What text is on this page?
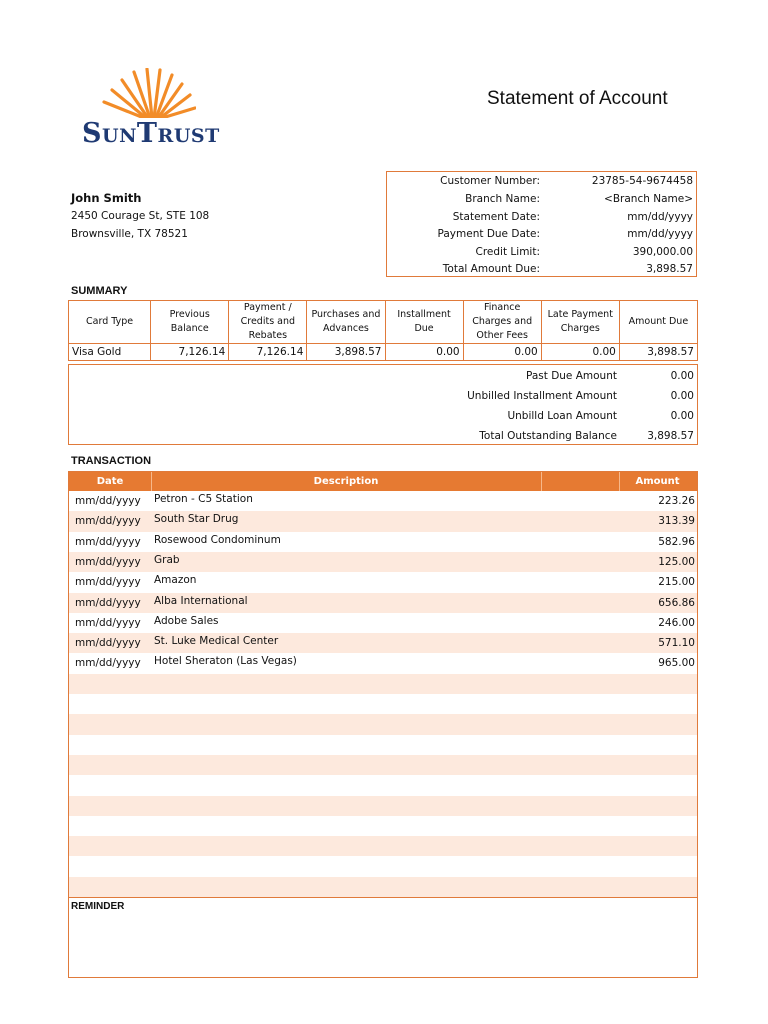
SunTrust
Statement of Account
John Smith
2450 Courage St, STE 108
Brownsville, TX 78521
Customer Number:	23785-54-9674458
Branch Name:	<Branch Name>
Statement Date:	mm/dd/yyyy
Payment Due Date:	mm/dd/yyyy
Credit Limit:	390,000.00
Total Amount Due:	3,898.57
SUMMARY
Card Type	Previous Balance	Payment / Credits and Rebates	Purchases and Advances	Installment Due	Finance Charges and Other Fees	Late Payment Charges	Amount Due
Visa Gold	7,126.14	7,126.14	3,898.57	0.00	0.00	0.00	3,898.57
Past Due Amount	0.00
Unbilled Installment Amount	0.00
Unbilld Loan Amount	0.00
Total Outstanding Balance	3,898.57
TRANSACTION
Date	Description	Amount
mm/dd/yyyy Petron - C5 Station	223.26
mm/dd/yyyy South Star Drug	313.39
mm/dd/yyyy Rosewood Condominum	582.96
mm/dd/yyyy Grab	125.00
mm/dd/yyyy Amazon	215.00
mm/dd/yyyy Alba International	656.86
mm/dd/yyyy Adobe Sales	246.00
mm/dd/yyyy St. Luke Medical Center	571.10
mm/dd/yyyy Hotel Sheraton (Las Vegas)	965.00
REMINDER
